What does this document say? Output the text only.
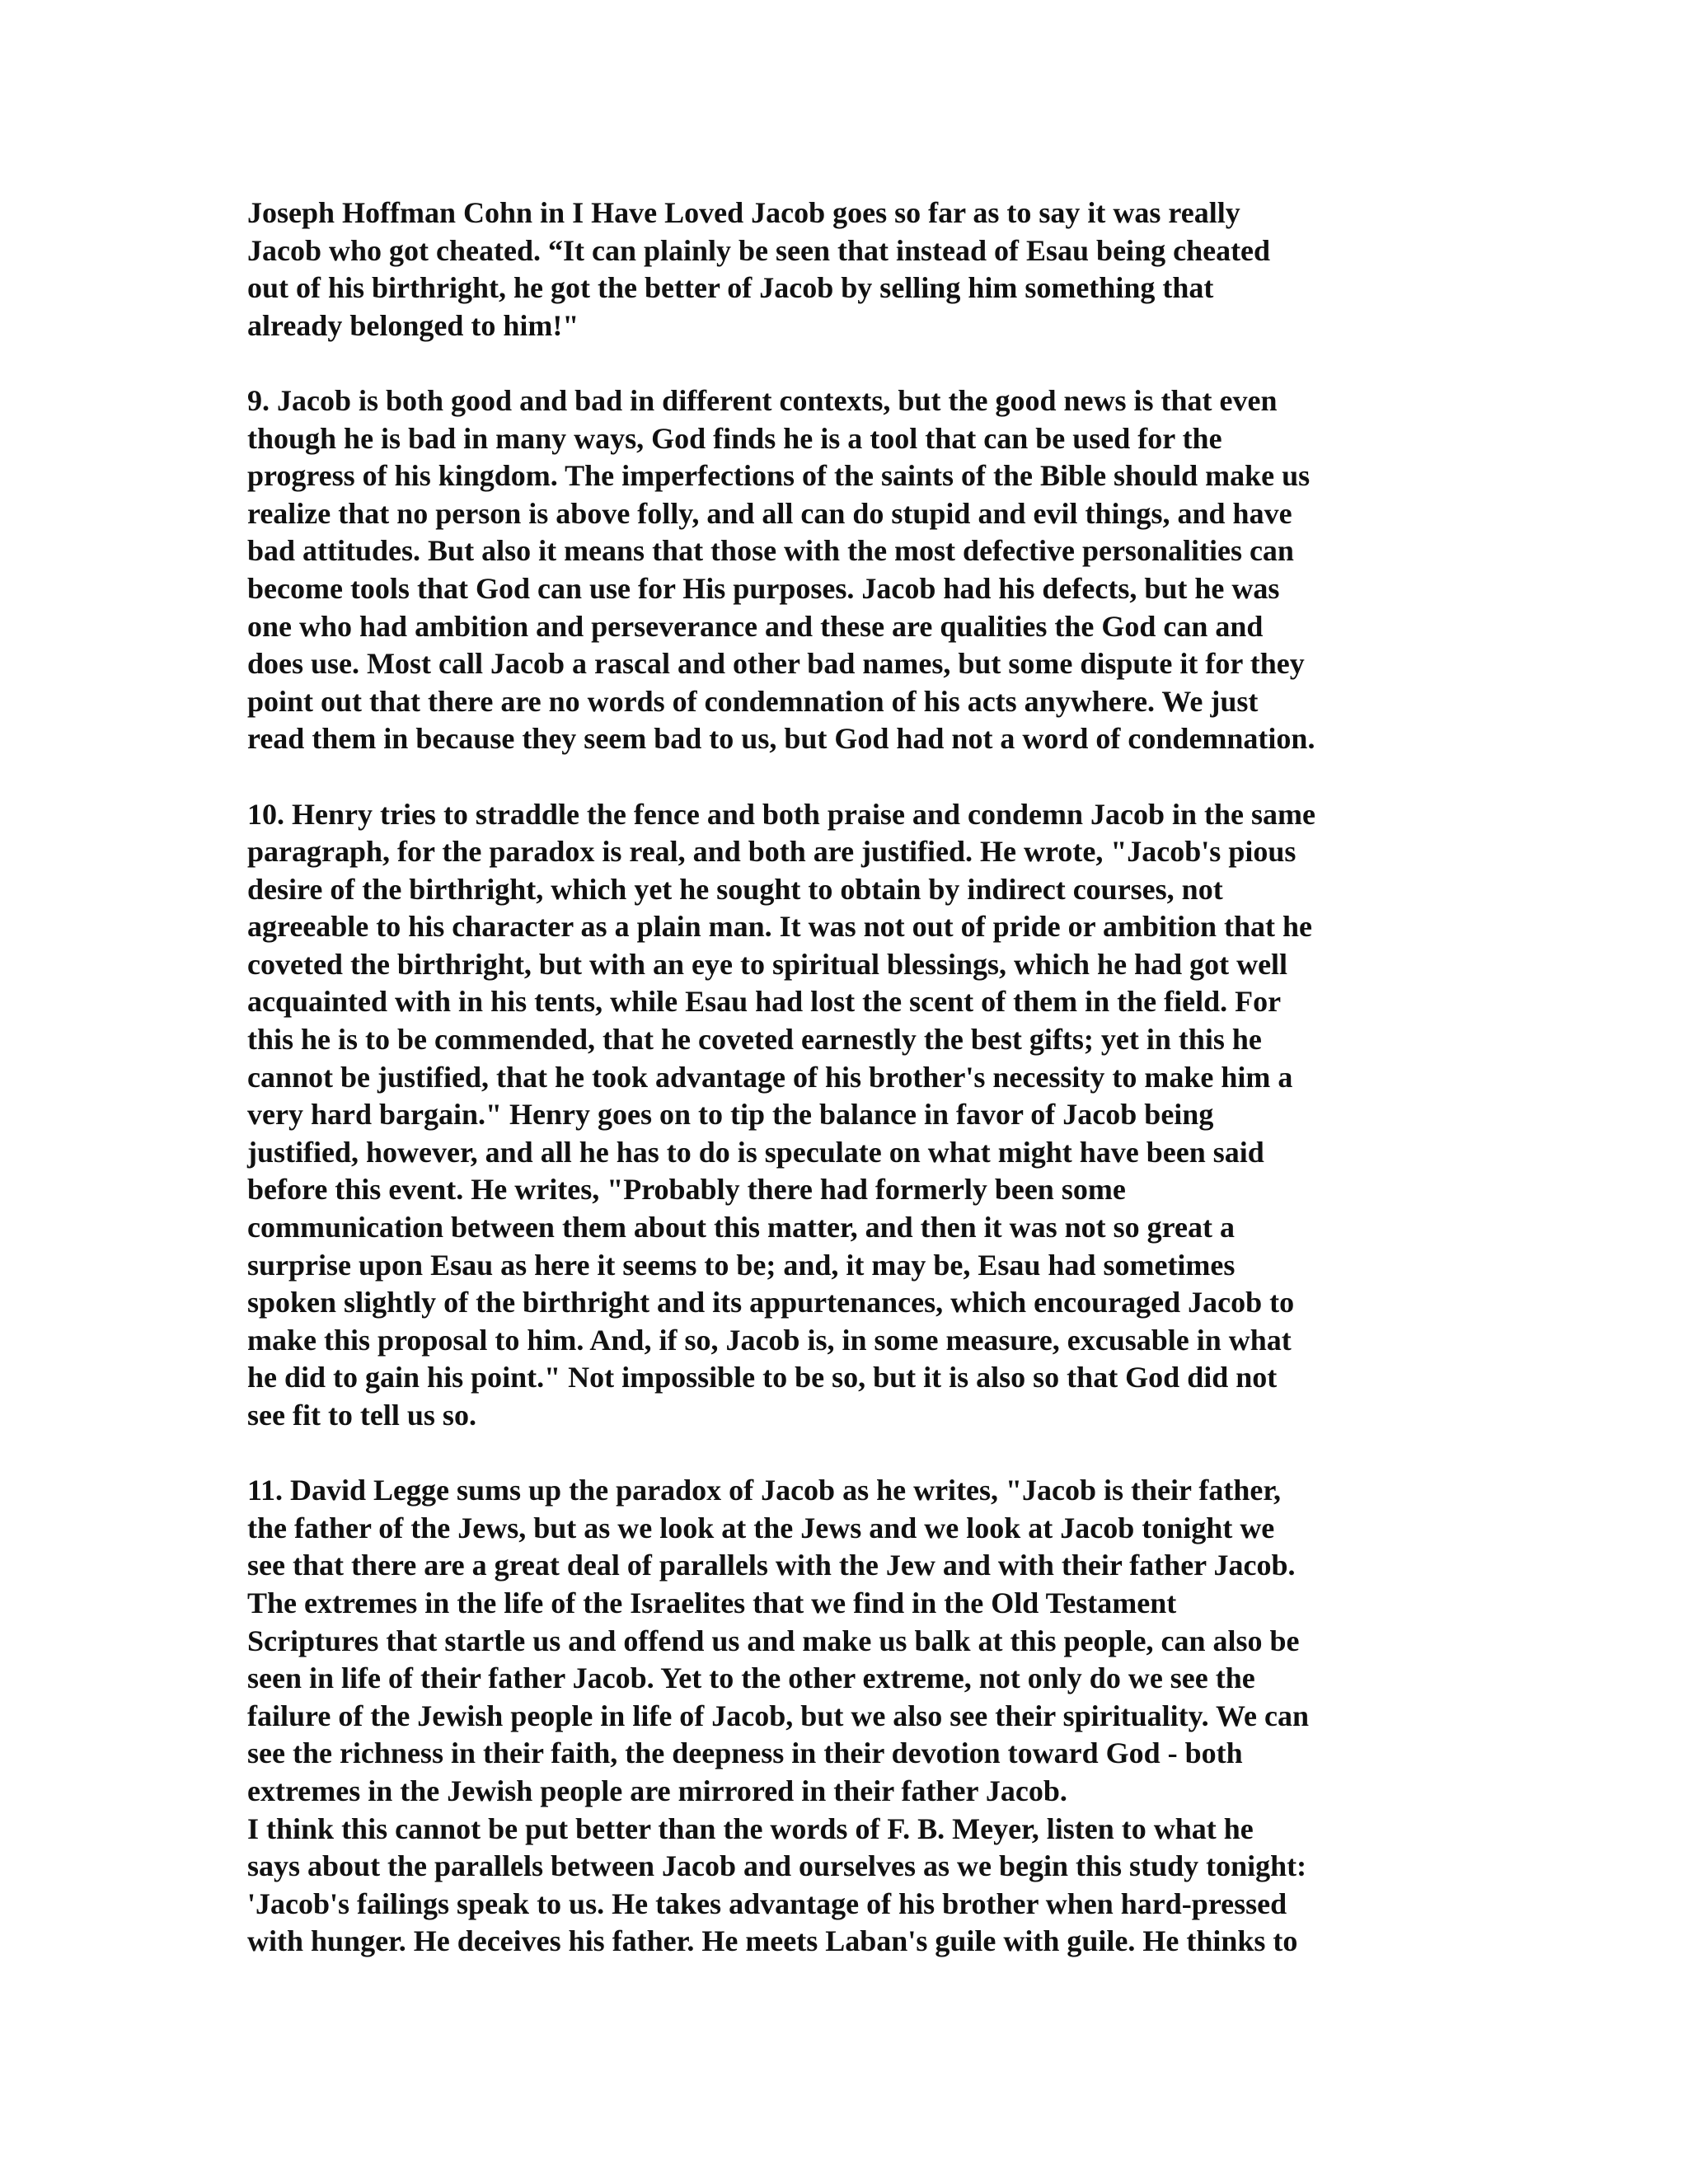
Joseph Hoffman Cohn in I Have Loved Jacob goes so far as to say it was really
Jacob who got cheated. “It can plainly be seen that instead of Esau being cheated
out of his birthright, he got the better of Jacob by selling him something that
already belonged to him!"

9. Jacob is both good and bad in different contexts, but the good news is that even
though he is bad in many ways, God finds he is a tool that can be used for the
progress of his kingdom. The imperfections of the saints of the Bible should make us
realize that no person is above folly, and all can do stupid and evil things, and have
bad attitudes. But also it means that those with the most defective personalities can
become tools that God can use for His purposes. Jacob had his defects, but he was
one who had ambition and perseverance and these are qualities the God can and
does use. Most call Jacob a rascal and other bad names, but some dispute it for they
point out that there are no words of condemnation of his acts anywhere. We just
read them in because they seem bad to us, but God had not a word of condemnation.

10. Henry tries to straddle the fence and both praise and condemn Jacob in the same
paragraph, for the paradox is real, and both are justified. He wrote, "Jacob's pious
desire of the birthright, which yet he sought to obtain by indirect courses, not
agreeable to his character as a plain man. It was not out of pride or ambition that he
coveted the birthright, but with an eye to spiritual blessings, which he had got well
acquainted with in his tents, while Esau had lost the scent of them in the field. For
this he is to be commended, that he coveted earnestly the best gifts; yet in this he
cannot be justified, that he took advantage of his brother's necessity to make him a
very hard bargain." Henry goes on to tip the balance in favor of Jacob being
justified, however, and all he has to do is speculate on what might have been said
before this event. He writes, "Probably there had formerly been some
communication between them about this matter, and then it was not so great a
surprise upon Esau as here it seems to be; and, it may be, Esau had sometimes
spoken slightly of the birthright and its appurtenances, which encouraged Jacob to
make this proposal to him. And, if so, Jacob is, in some measure, excusable in what
he did to gain his point." Not impossible to be so, but it is also so that God did not
see fit to tell us so.

11. David Legge sums up the paradox of Jacob as he writes, "Jacob is their father,
the father of the Jews, but as we look at the Jews and we look at Jacob tonight we
see that there are a great deal of parallels with the Jew and with their father Jacob.
The extremes in the life of the Israelites that we find in the Old Testament
Scriptures that startle us and offend us and make us balk at this people, can also be
seen in life of their father Jacob. Yet to the other extreme, not only do we see the
failure of the Jewish people in life of Jacob, but we also see their spirituality. We can
see the richness in their faith, the deepness in their devotion toward God - both
extremes in the Jewish people are mirrored in their father Jacob.

I think this cannot be put better than the words of F. B. Meyer, listen to what he
says about the parallels between Jacob and ourselves as we begin this study tonight:
'Jacob's failings speak to us. He takes advantage of his brother when hard-pressed
with hunger. He deceives his father. He meets Laban's guile with guile. He thinks to
